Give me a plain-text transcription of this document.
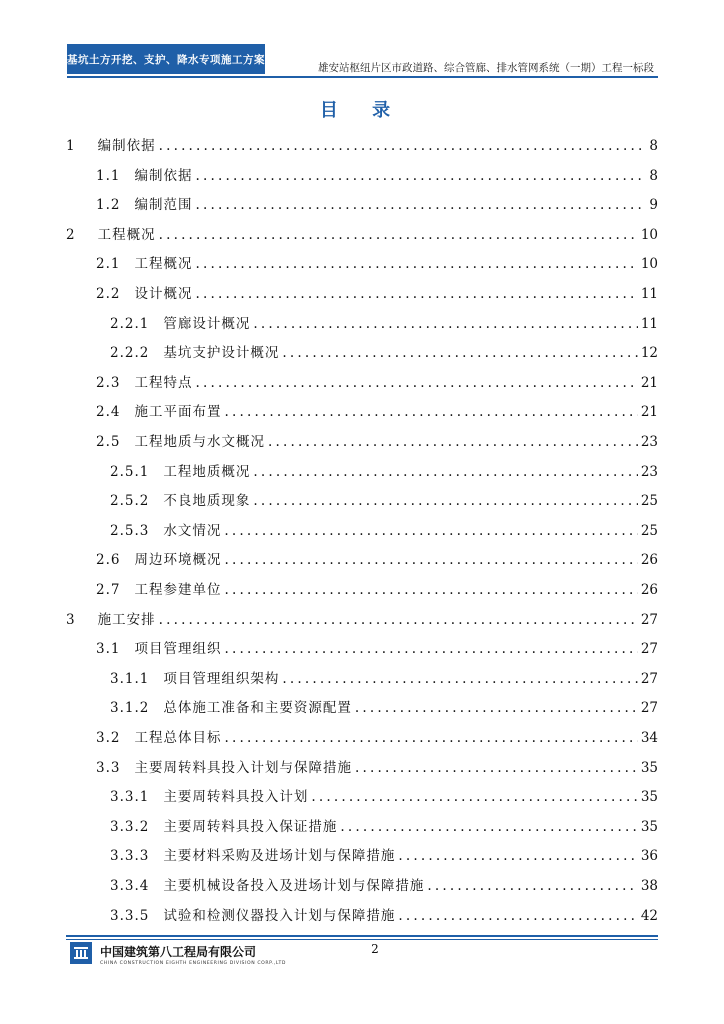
基坑土方开挖、支护、降水专项施工方案
雄安站枢纽片区市政道路、综合管廊、排水管网系统（一期）工程一标段
目 录
1 编制依据 .....	8
1.1 编制依据 .....	8
1.2 编制范围 .....	9
2 工程概况 .....	10
2.1 工程概况 .....	10
2.2 设计概况 .....	11
2.2.1 管廊设计概况 .....	11
2.2.2 基坑支护设计概况 .....	12
2.3 工程特点 .....	21
2.4 施工平面布置 .....	21
2.5 工程地质与水文概况 .....	23
2.5.1 工程地质概况 .....	23
2.5.2 不良地质现象 .....	25
2.5.3 水文情况 .....	25
2.6 周边环境概况 .....	26
2.7 工程参建单位 .....	26
3 施工安排 .....	27
3.1 项目管理组织 .....	27
3.1.1 项目管理组织架构 .....	27
3.1.2 总体施工准备和主要资源配置 .....	27
3.2 工程总体目标 .....	34
3.3 主要周转料具投入计划与保障措施 .....	35
3.3.1 主要周转料具投入计划 .....	35
3.3.2 主要周转料具投入保证措施 .....	35
3.3.3 主要材料采购及进场计划与保障措施 .....	36
3.3.4 主要机械设备投入及进场计划与保障措施 .....	38
3.3.5 试验和检测仪器投入计划与保障措施 .....	42
中国建筑第八工程局有限公司
CHINA CONSTRUCTION EIGHTH ENGINEERING DIVISION CORP.,LTD
2
